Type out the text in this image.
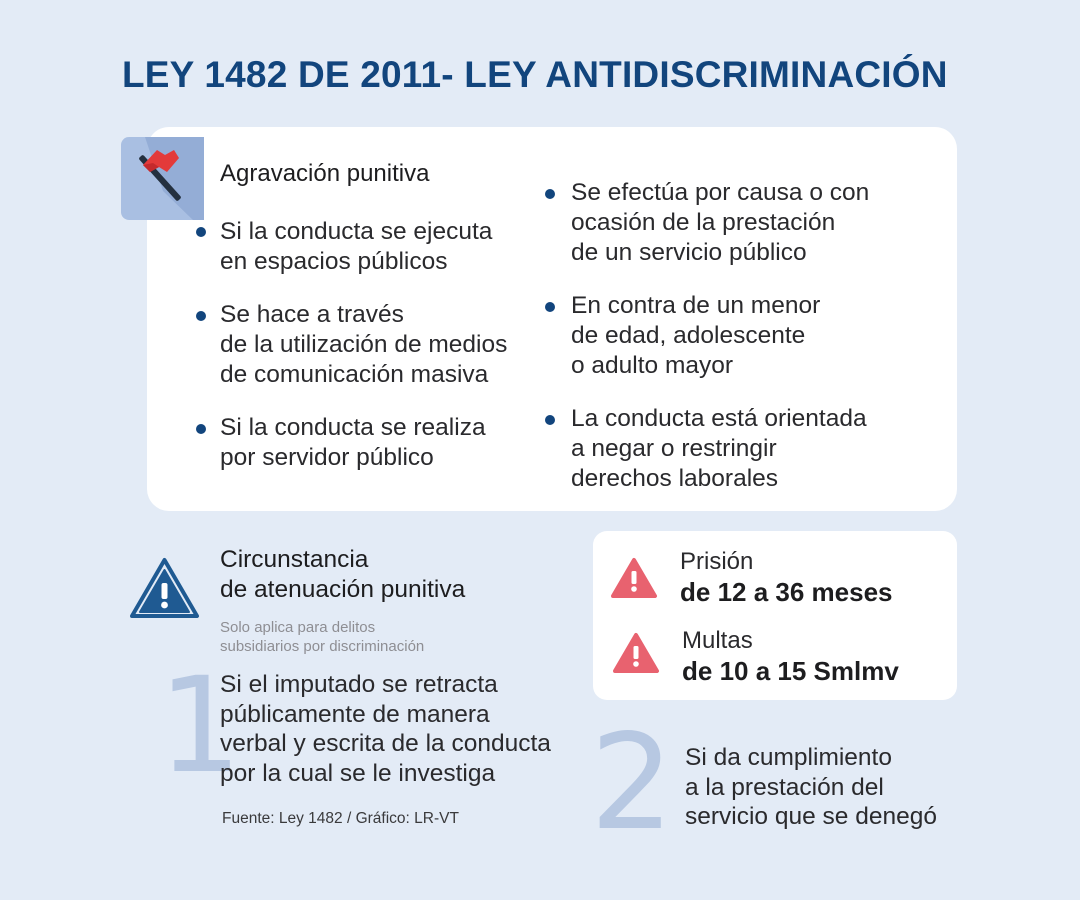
LEY 1482 DE 2011- LEY ANTIDISCRIMINACIÓN
Agravación punitiva
Si la conducta se ejecuta
en espacios públicos
Se hace a través
de la utilización de medios
de comunicación masiva
Si la conducta se realiza
por servidor público
Se efectúa por causa o con
ocasión de la prestación
de un servicio público
En contra de un menor
de edad, adolescente
o adulto mayor
La conducta está orientada
a negar o restringir
derechos laborales
Circunstancia
de atenuación punitiva
Solo aplica para delitos
subsidiarios por discriminación
1
Si el imputado se retracta
públicamente de manera
verbal y escrita de la conducta
por la cual se le investiga 2 Si da cumplimiento
a la prestación del
servicio que se denegó
Fuente: Ley 1482 / Gráfico: LR-VT
Prisión
de 12 a 36 meses
Multas
de 10 a 15 Smlmv
